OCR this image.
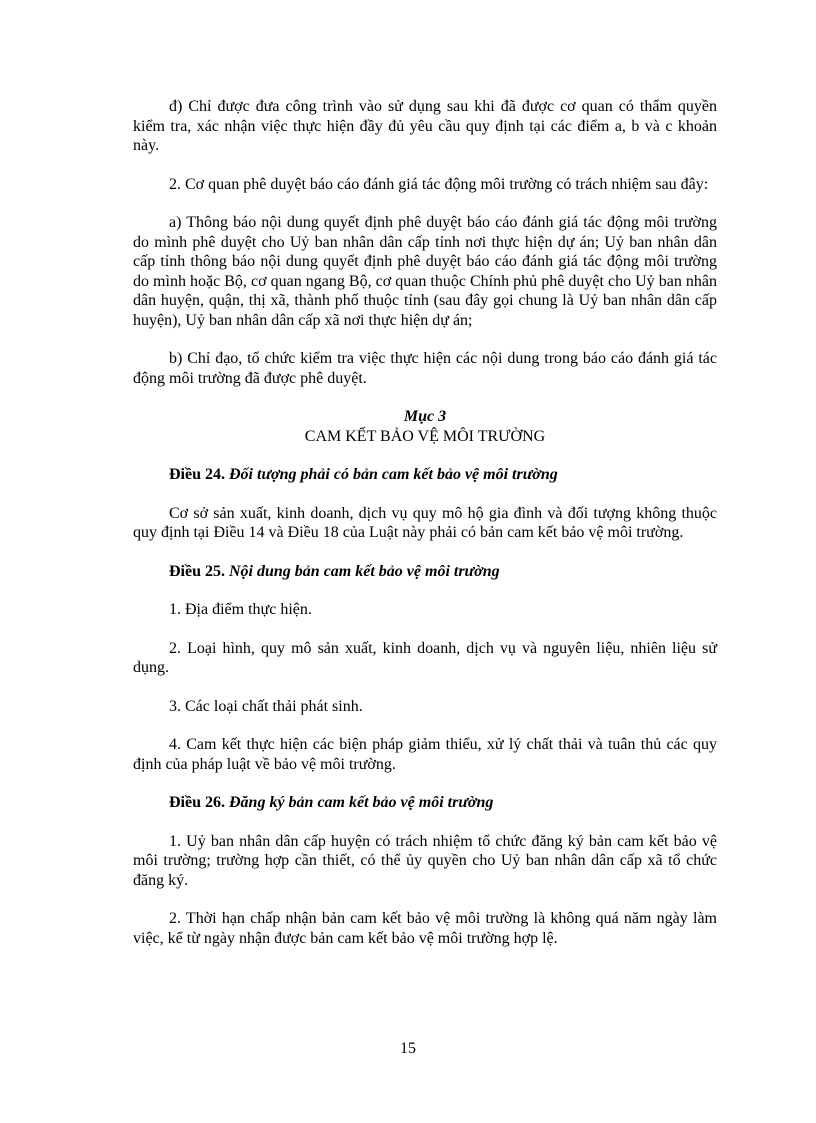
đ) Chỉ được đưa công trình vào sử dụng sau khi đã được cơ quan có thẩm quyền kiểm tra, xác nhận việc thực hiện đầy đủ yêu cầu quy định tại các điểm a, b và c khoản này.

2. Cơ quan phê duyệt báo cáo đánh giá tác động môi trường có trách nhiệm sau đây:

a) Thông báo nội dung quyết định phê duyệt báo cáo đánh giá tác động môi trường do mình phê duyệt cho Uỷ ban nhân dân cấp tỉnh nơi thực hiện dự án; Uỷ ban nhân dân cấp tỉnh thông báo nội dung quyết định phê duyệt báo cáo đánh giá tác động môi trường do mình hoặc Bộ, cơ quan ngang Bộ, cơ quan thuộc Chính phủ phê duyệt cho Uỷ ban nhân dân huyện, quận, thị xã, thành phố thuộc tỉnh (sau đây gọi chung là Uỷ ban nhân dân cấp huyện), Uỷ ban nhân dân cấp xã nơi thực hiện dự án;

b) Chỉ đạo, tổ chức kiểm tra việc thực hiện các nội dung trong báo cáo đánh giá tác động môi trường đã được phê duyệt.

Mục 3
CAM KẾT BẢO VỆ MÔI TRƯỜNG

Điều 24. Đối tượng phải có bản cam kết bảo vệ môi trường

Cơ sở sản xuất, kinh doanh, dịch vụ quy mô hộ gia đình và đối tượng không thuộc quy định tại Điều 14 và Điều 18 của Luật này phải có bản cam kết bảo vệ môi trường.

Điều 25. Nội dung bản cam kết bảo vệ môi trường

1. Địa điểm thực hiện.

2. Loại hình, quy mô sản xuất, kinh doanh, dịch vụ và nguyên liệu, nhiên liệu sử dụng.

3. Các loại chất thải phát sinh.

4. Cam kết thực hiện các biện pháp giảm thiểu, xử lý chất thải và tuân thủ các quy định của pháp luật về bảo vệ môi trường.

Điều 26. Đăng ký bản cam kết bảo vệ môi trường

1. Uỷ ban nhân dân cấp huyện có trách nhiệm tổ chức đăng ký bản cam kết bảo vệ môi trường; trường hợp cần thiết, có thể ủy quyền cho Uỷ ban nhân dân cấp xã tổ chức đăng ký.

2. Thời hạn chấp nhận bản cam kết bảo vệ môi trường là không quá năm ngày làm việc, kể từ ngày nhận được bản cam kết bảo vệ môi trường hợp lệ.

15
